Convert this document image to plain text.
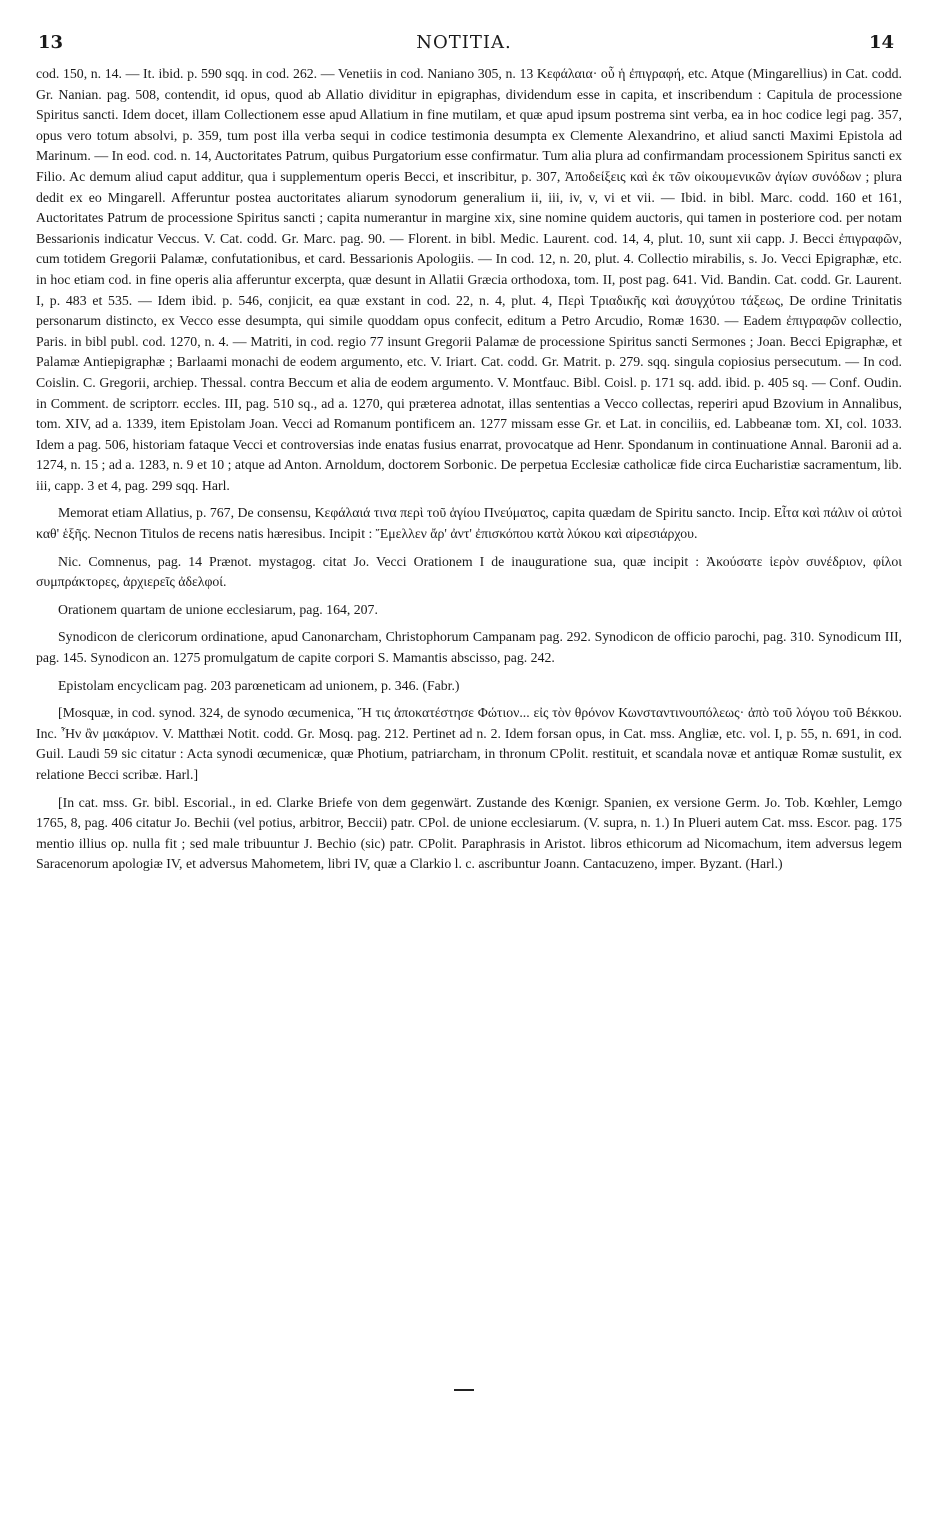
13	NOTITIA.	14

cod. 150, n. 14. — It. ibid. p. 590 sqq. in cod. 262. — Venetiis in cod. Naniano 305, n. 13 Κεφάλαια· οὗ ἡ ἐπιγραφή, etc. Atque (Mingarellius) in Cat. codd. Gr. Nanian. pag. 508, contendit, id opus, quod ab Allatio dividitur in epigraphas, dividendum esse in capita, et inscribendum : Capitula de processione Spiritus sancti. Idem docet, illam Collectionem esse apud Allatium in fine mutilam, et quæ apud ipsum postrema sint verba, ea in hoc codice legi pag. 357, opus vero totum absolvi, p. 359, tum post illa verba sequi in codice testimonia desumpta ex Clemente Alexandrino, et aliud sancti Maximi Epistola ad Marinum. — In eod. cod. n. 14, Auctoritates Patrum, quibus Purgatorium esse confirmatur. Tum alia plura ad confirmandam processionem Spiritus sancti ex Filio. Ac demum aliud caput additur, qua i supplementum operis Becci, et inscribitur, p. 307, Ἀποδείξεις καὶ ἐκ τῶν οἰκουμενικῶν ἁγίων συνόδων ; plura dedit ex eo Mingarell. Afferuntur postea auctoritates aliarum synodorum generalium ii, iii, iv, v, vi et vii. — Ibid. in bibl. Marc. codd. 160 et 161, Auctoritates Patrum de processione Spiritus sancti ; capita numerantur in margine xix, sine nomine quidem auctoris, qui tamen in posteriore cod. per notam Bessarionis indicatur Veccus. V. Cat. codd. Gr. Marc. pag. 90. — Florent. in bibl. Medic. Laurent. cod. 14, 4, plut. 10, sunt xii capp. J. Becci ἐπιγραφῶν, cum totidem Gregorii Palamæ, confutationibus, et card. Bessarionis Apologiis. — In cod. 12, n. 20, plut. 4. Collectio mirabilis, s. Jo. Vecci Epigraphæ, etc. in hoc etiam cod. in fine operis alia afferuntur excerpta, quæ desunt in Allatii Græcia orthodoxa, tom. II, post pag. 641. Vid. Bandin. Cat. codd. Gr. Laurent. I, p. 483 et 535. — Idem ibid. p. 546, conjicit, ea quæ exstant in cod. 22, n. 4, plut. 4, Περὶ Τριαδικῆς καὶ ἀσυγχύτου τάξεως, De ordine Trinitatis personarum distincto, ex Vecco esse desumpta, qui simile quoddam opus confecit, editum a Petro Arcudio, Romæ 1630. — Eadem ἐπιγραφῶν collectio, Paris. in bibl publ. cod. 1270, n. 4. — Matriti, in cod. regio 77 insunt Gregorii Palamæ de processione Spiritus sancti Sermones ; Joan. Becci Epigraphæ, et Palamæ Antiepigraphæ ; Barlaami monachi de eodem argumento, etc. V. Iriart. Cat. codd. Gr. Matrit. p. 279. sqq. singula copiosius persecutum. — In cod. Coislin. C. Gregorii, archiep. Thessal. contra Beccum et alia de eodem argumento. V. Montfauc. Bibl. Coisl. p. 171 sq. add. ibid. p. 405 sq. — Conf. Oudin. in Comment. de scriptorr. eccles. III, pag. 510 sq., ad a. 1270, qui præterea adnotat, illas sententias a Vecco collectas, reperiri apud Bzovium in Annalibus, tom. XIV, ad a. 1339, item Epistolam Joan. Vecci ad Romanum pontificem an. 1277 missam esse Gr. et Lat. in conciliis, ed. Labbeanæ tom. XI, col. 1033. Idem a pag. 506, historiam fataque Vecci et controversias inde enatas fusius enarrat, provocatque ad Henr. Spondanum in continuatione Annal. Baronii ad a. 1274, n. 15 ; ad a. 1283, n. 9 et 10 ; atque ad Anton. Arnoldum, doctorem Sorbonic. De perpetua Ecclesiæ catholicæ fide circa Eucharistiæ sacramentum, lib. iii, capp. 3 et 4, pag. 299 sqq. Harl.

Memorat etiam Allatius, p. 767, De consensu, Κεφάλαιά τινα περὶ τοῦ ἁγίου Πνεύματος, capita quædam de Spiritu sancto. Incip. Εἶτα καὶ πάλιν οἱ αὐτοὶ καθ' ἑξῆς. Necnon Titulos de recens natis hæresibus. Incipit : Ἔμελλεν ἄρ' ἀντ' ἐπισκόπου κατὰ λύκου καὶ αἱρεσιάρχου.

Nic. Comnenus, pag. 14 Prænot. mystagog. citat Jo. Vecci Orationem I de inauguratione sua, quæ incipit : Ἀκούσατε ἱερὸν συνέδριον, φίλοι συμπράκτορες, ἀρχιερεῖς ἀδελφοί.

Orationem quartam de unione ecclesiarum, pag. 164, 207.

Synodicon de clericorum ordinatione, apud Canonarcham, Christophorum Campanam pag. 292. Synodicon de officio parochi, pag. 310. Synodicum III, pag. 145. Synodicon an. 1275 promulgatum de capite corpori S. Mamantis abscisso, pag. 242.

Epistolam encyclicam pag. 203 parœneticam ad unionem, p. 346. (Fabr.)

[Mosquæ, in cod. synod. 324, de synodo œcumenica, Ἥ τις ἀποκατέστησε Φώτιον... εἰς τὸν θρόνον Κωνσταντινουπόλεως· ἀπὸ τοῦ λόγου τοῦ Βέκκου. Inc. Ἦν ἂν μακάριον. V. Matthæi Notit. codd. Gr. Mosq. pag. 212. Pertinet ad n. 2. Idem forsan opus, in Cat. mss. Angliæ, etc. vol. I, p. 55, n. 691, in cod. Guil. Laudi 59 sic citatur : Acta synodi œcumenicæ, quæ Photium, patriarcham, in thronum CPolit. restituit, et scandala novæ et antiquæ Romæ sustulit, ex relatione Becci scribæ. Harl.]

[In cat. mss. Gr. bibl. Escorial., in ed. Clarke Briefe von dem gegenwärt. Zustande des Kœnigr. Spanien, ex versione Germ. Jo. Tob. Kœhler, Lemgo 1765, 8, pag. 406 citatur Jo. Bechii (vel potius, arbitror, Beccii) patr. CPol. de unione ecclesiarum. (V. supra, n. 1.) In Plueri autem Cat. mss. Escor. pag. 175 mentio illius op. nulla fit ; sed male tribuuntur J. Bechio (sic) patr. CPolit. Paraphrasis in Aristot. libros ethicorum ad Nicomachum, item adversus legem Saracenorum apologiæ IV, et adversus Mahometem, libri IV, quæ a Clarkio l. c. ascribuntur Joann. Cantacuzeno, imper. Byzant. (Harl.)
